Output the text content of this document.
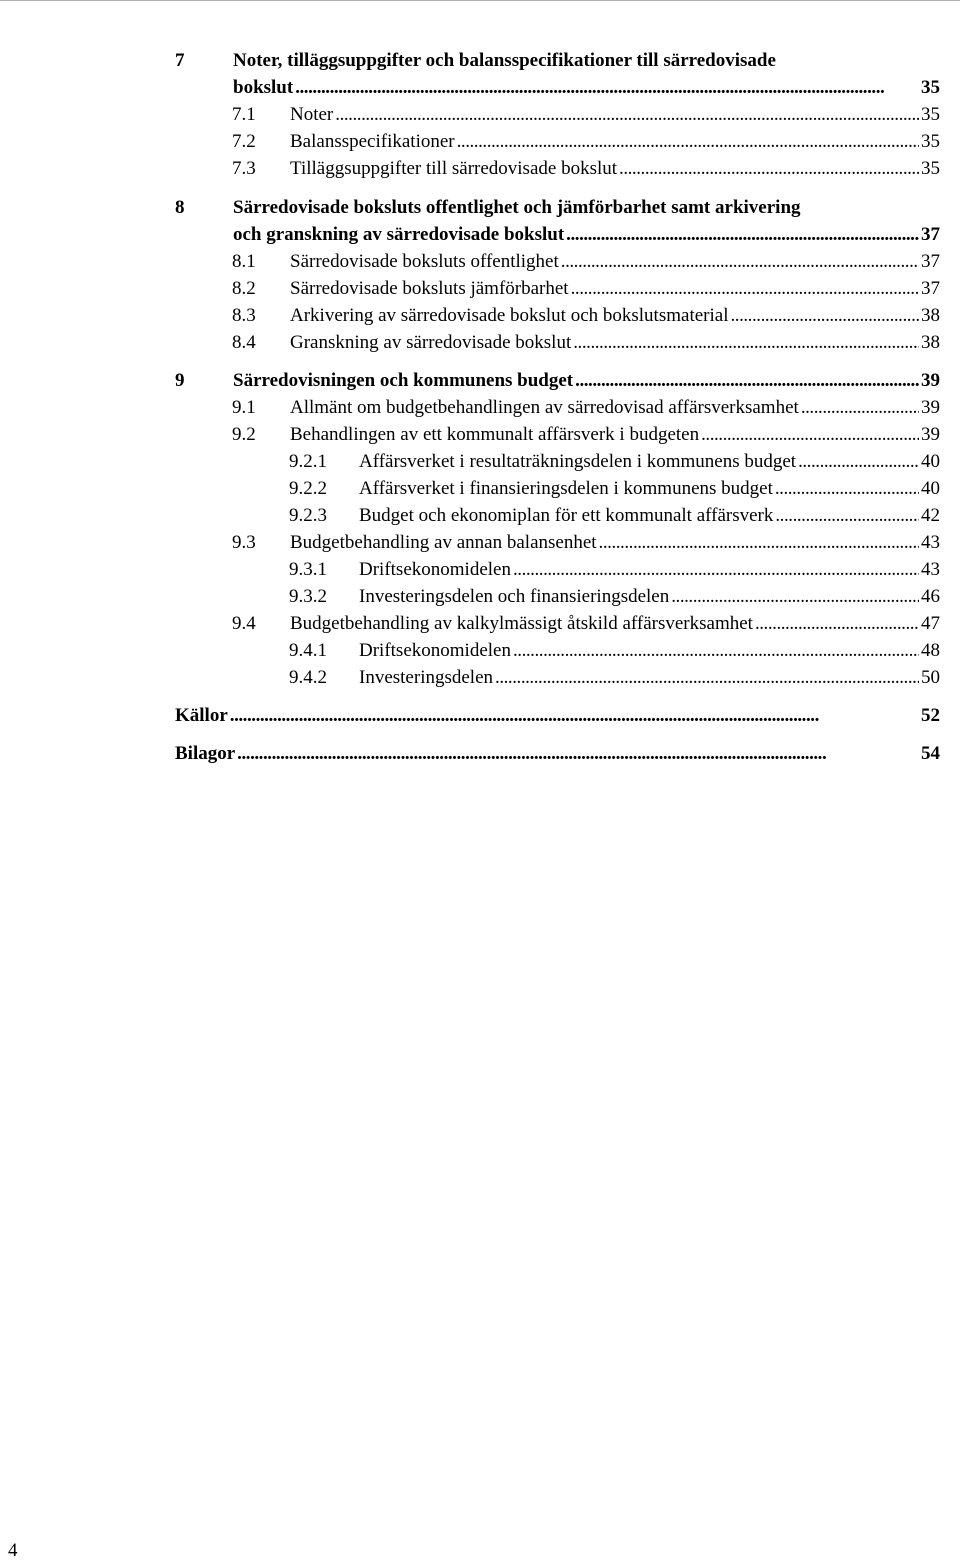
7	Noter, tilläggsuppgifter och balansspecifikationer till särredovisade
bokslut . . .	35
7.1 Noter . . .	35
7.2 Balansspecifikationer . . .	35
7.3 Tilläggsuppgifter till särredovisade bokslut . . .	35
8	Särredovisade boksluts offentlighet och jämförbarhet samt arkivering
och granskning av särredovisade bokslut . . .	37
8.1 Särredovisade boksluts offentlighet . . .	37
8.2 Särredovisade boksluts jämförbarhet . . .	37
8.3 Arkivering av särredovisade bokslut och bokslutsmaterial . . .	38
8.4 Granskning av särredovisade bokslut . . .	38
9	Särredovisningen och kommunens budget . . .	39
9.1 Allmänt om budgetbehandlingen av särredovisad affärsverksamhet . . .	39
9.2 Behandlingen av ett kommunalt affärsverk i budgeten . . .	39
9.2.1 Affärsverket i resultaträkningsdelen i kommunens budget . . .	40
9.2.2 Affärsverket i finansieringsdelen i kommunens budget . . .	40
9.2.3 Budget och ekonomiplan för ett kommunalt affärsverk . . .	42
9.3 Budgetbehandling av annan balansenhet . . .	43
9.3.1 Driftsekonomidelen . . .	43
9.3.2 Investeringsdelen och finansieringsdelen . . .	46
9.4 Budgetbehandling av kalkylmässigt åtskild affärsverksamhet . . .	47
9.4.1 Driftsekonomidelen . . .	48
9.4.2 Investeringsdelen . . .	50
Källor . . .	52
Bilagor . . .	54
4
